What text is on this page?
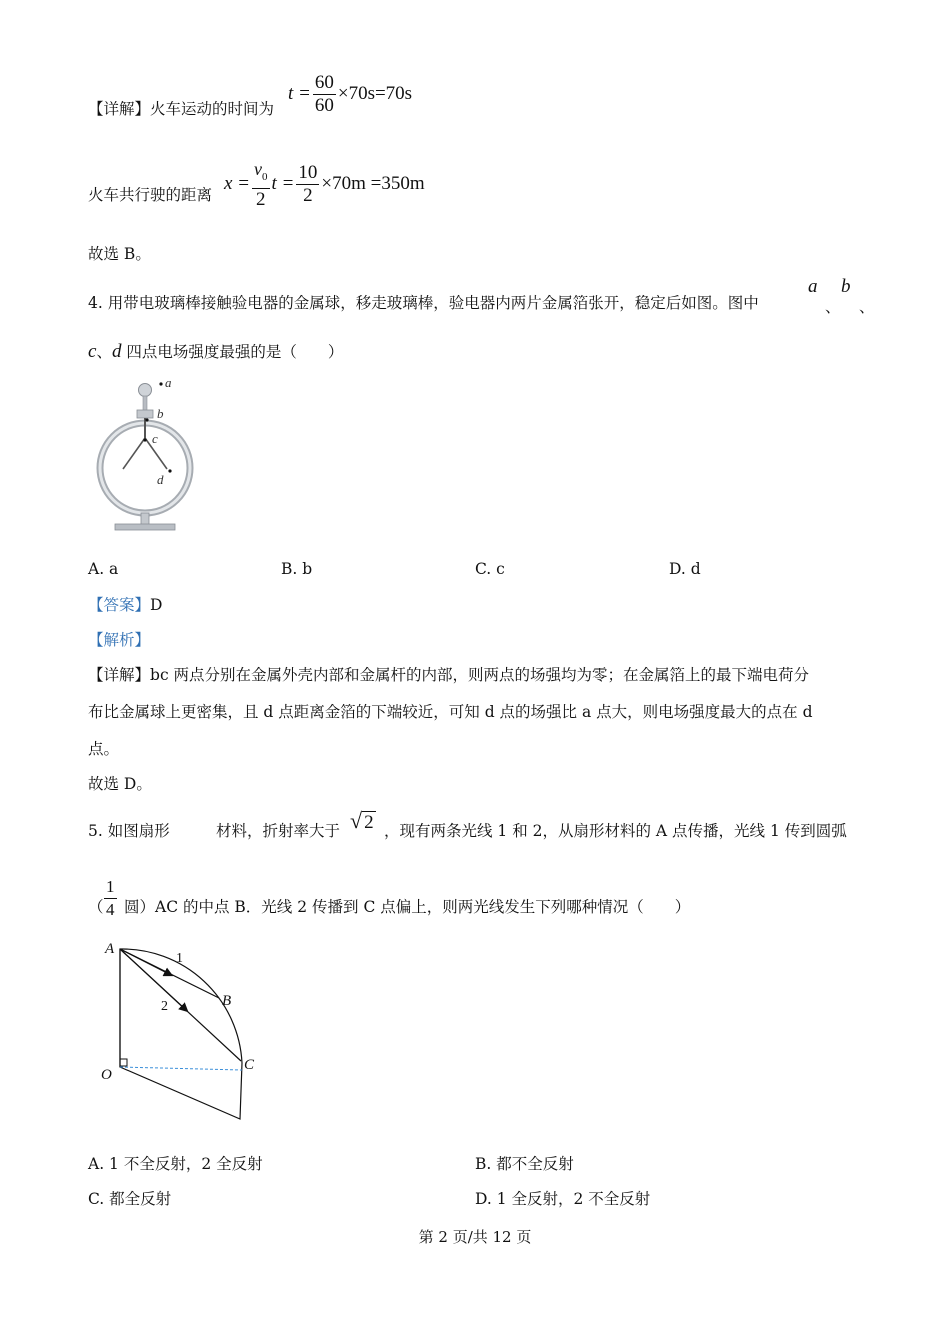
【详解】火车运动的时间为
$t = \frac{60}{60} \times 70s=70s$
火车共行驶的距离
$x = \frac{v_0}{2}$ $t = \frac{10}{2} \times 70m =350m$
故选 B。
4. 用带电玻璃棒接触验电器的金属球，移走玻璃棒，验电器内两片金属箔张开，稳定后如图。图中
a
、
b
、
c、d 四点电场强度最强的是（　　）
a
b
c
d
A. a	B. b	C. c	D. d
【答案】D
【解析】
【详解】bc 两点分别在金属外壳内部和金属杆的内部，则两点的场强均为零；在金属箔上的最下端电荷分
布比金属球上更密集，且 d 点距离金箔的下端较近，可知 d 点的场强比 a 点大，则电场强度最大的点在 d
点。
故选 D。
5. 如图扇形	材料，折射率大于 √ 2 ，现有两条光线 1 和 2，从扇形材料的 A 点传播，光线 1 传到圆弧
（ $\frac{1}{4}$ 圆）AC 的中点 B．光线 2 传播到 C 点偏上，则两光线发生下列哪种情况（　　）
A
B
C
O
1
2
A. 1 不全反射，2 全反射	B. 都不全反射
C. 都全反射	D. 1 全反射，2 不全反射
第 2 页/共 12 页
